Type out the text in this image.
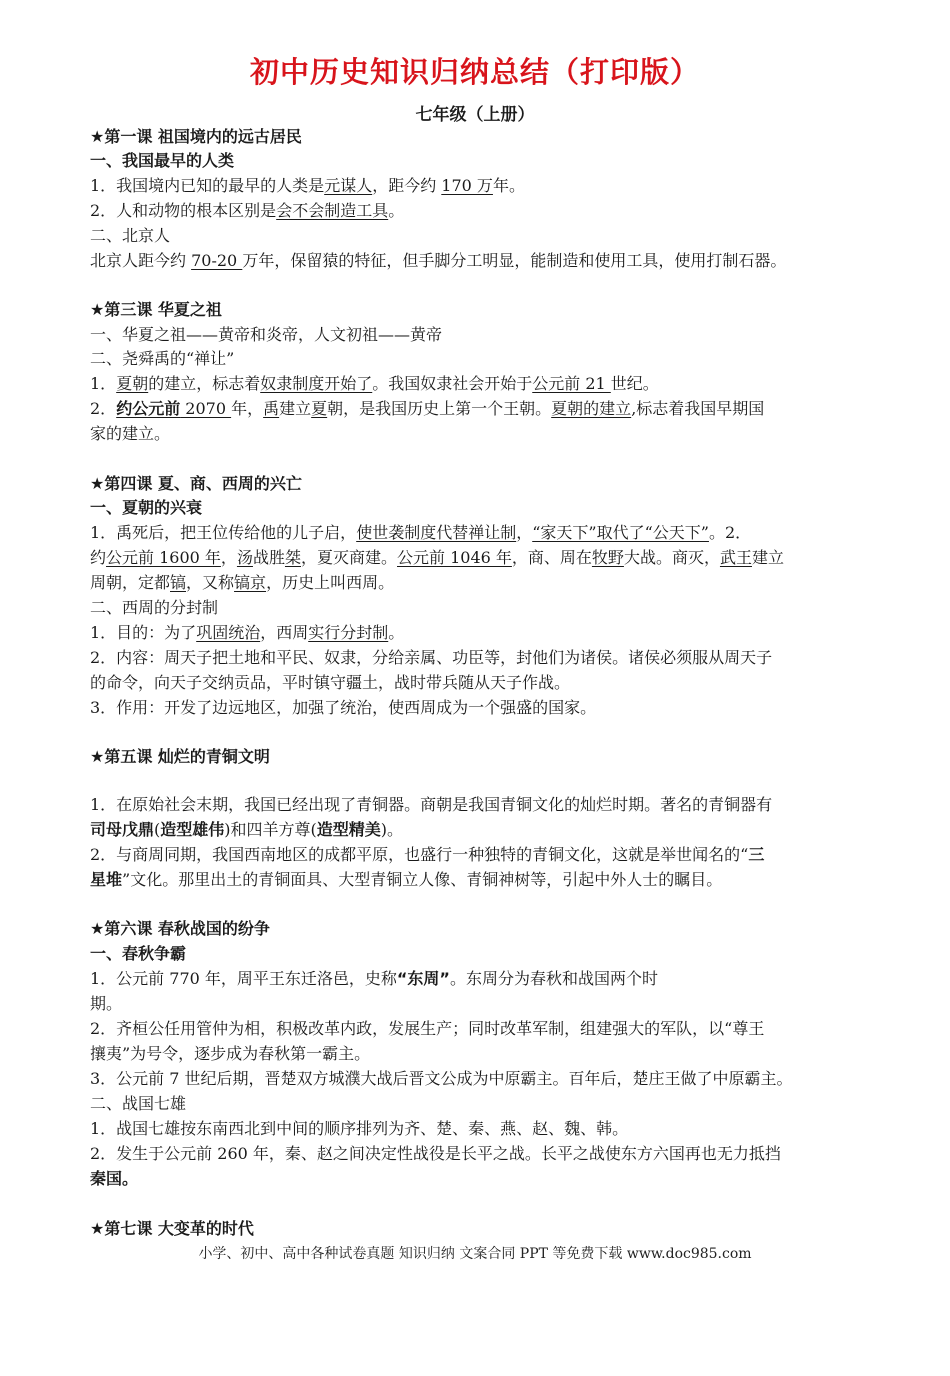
初中历史知识归纳总结（打印版）
七年级（上册）
★第一课 祖国境内的远古居民
一、我国最早的人类
1．我国境内已知的最早的人类是元谋人，距今约 170 万年。
2．人和动物的根本区别是会不会制造工具。
二、北京人
北京人距今约 70-20 万年，保留猿的特征，但手脚分工明显，能制造和使用工具，使用打制石器。
★第三课 华夏之祖
一、华夏之祖——黄帝和炎帝，人文初祖——黄帝
二、尧舜禹的“禅让”
1．夏朝的建立，标志着奴隶制度开始了。我国奴隶社会开始于公元前 21 世纪。
2．约公元前 2070 年，禹建立夏朝，是我国历史上第一个王朝。夏朝的建立,标志着我国早期国
家的建立。
★第四课 夏、商、西周的兴亡
一、夏朝的兴衰
1．禹死后，把王位传给他的儿子启，使世袭制度代替禅让制，“家天下”取代了“公天下”。2．
约公元前 1600 年，汤战胜桀，夏灭商建。公元前 1046 年，商、周在牧野大战。商灭，武王建立
周朝，定都镐，又称镐京，历史上叫西周。
二、西周的分封制
1．目的：为了巩固统治，西周实行分封制。
2．内容：周天子把土地和平民、奴隶，分给亲属、功臣等，封他们为诸侯。诸侯必须服从周天子
的命令，向天子交纳贡品，平时镇守疆土，战时带兵随从天子作战。
3．作用：开发了边远地区，加强了统治，使西周成为一个强盛的国家。
★第五课 灿烂的青铜文明
1．在原始社会末期，我国已经出现了青铜器。商朝是我国青铜文化的灿烂时期。著名的青铜器有
司母戊鼎(造型雄伟)和四羊方尊(造型精美)。
2．与商周同期，我国西南地区的成都平原，也盛行一种独特的青铜文化，这就是举世闻名的“三
星堆”文化。那里出土的青铜面具、大型青铜立人像、青铜神树等，引起中外人士的瞩目。
★第六课 春秋战国的纷争
一、春秋争霸
1．公元前 770 年，周平王东迁洛邑，史称“东周”。东周分为春秋和战国两个时
期。
2．齐桓公任用管仲为相，积极改革内政，发展生产；同时改革军制，组建强大的军队，以“尊王
攘夷”为号令，逐步成为春秋第一霸主。
3．公元前 7 世纪后期，晋楚双方城濮大战后晋文公成为中原霸主。百年后，楚庄王做了中原霸主。
二、战国七雄
1．战国七雄按东南西北到中间的顺序排列为齐、楚、秦、燕、赵、魏、韩。
2．发生于公元前 260 年，秦、赵之间决定性战役是长平之战。长平之战使东方六国再也无力抵挡
秦国。
★第七课 大变革的时代
小学、初中、高中各种试卷真题 知识归纳 文案合同 PPT 等免费下载 www.doc985.com
